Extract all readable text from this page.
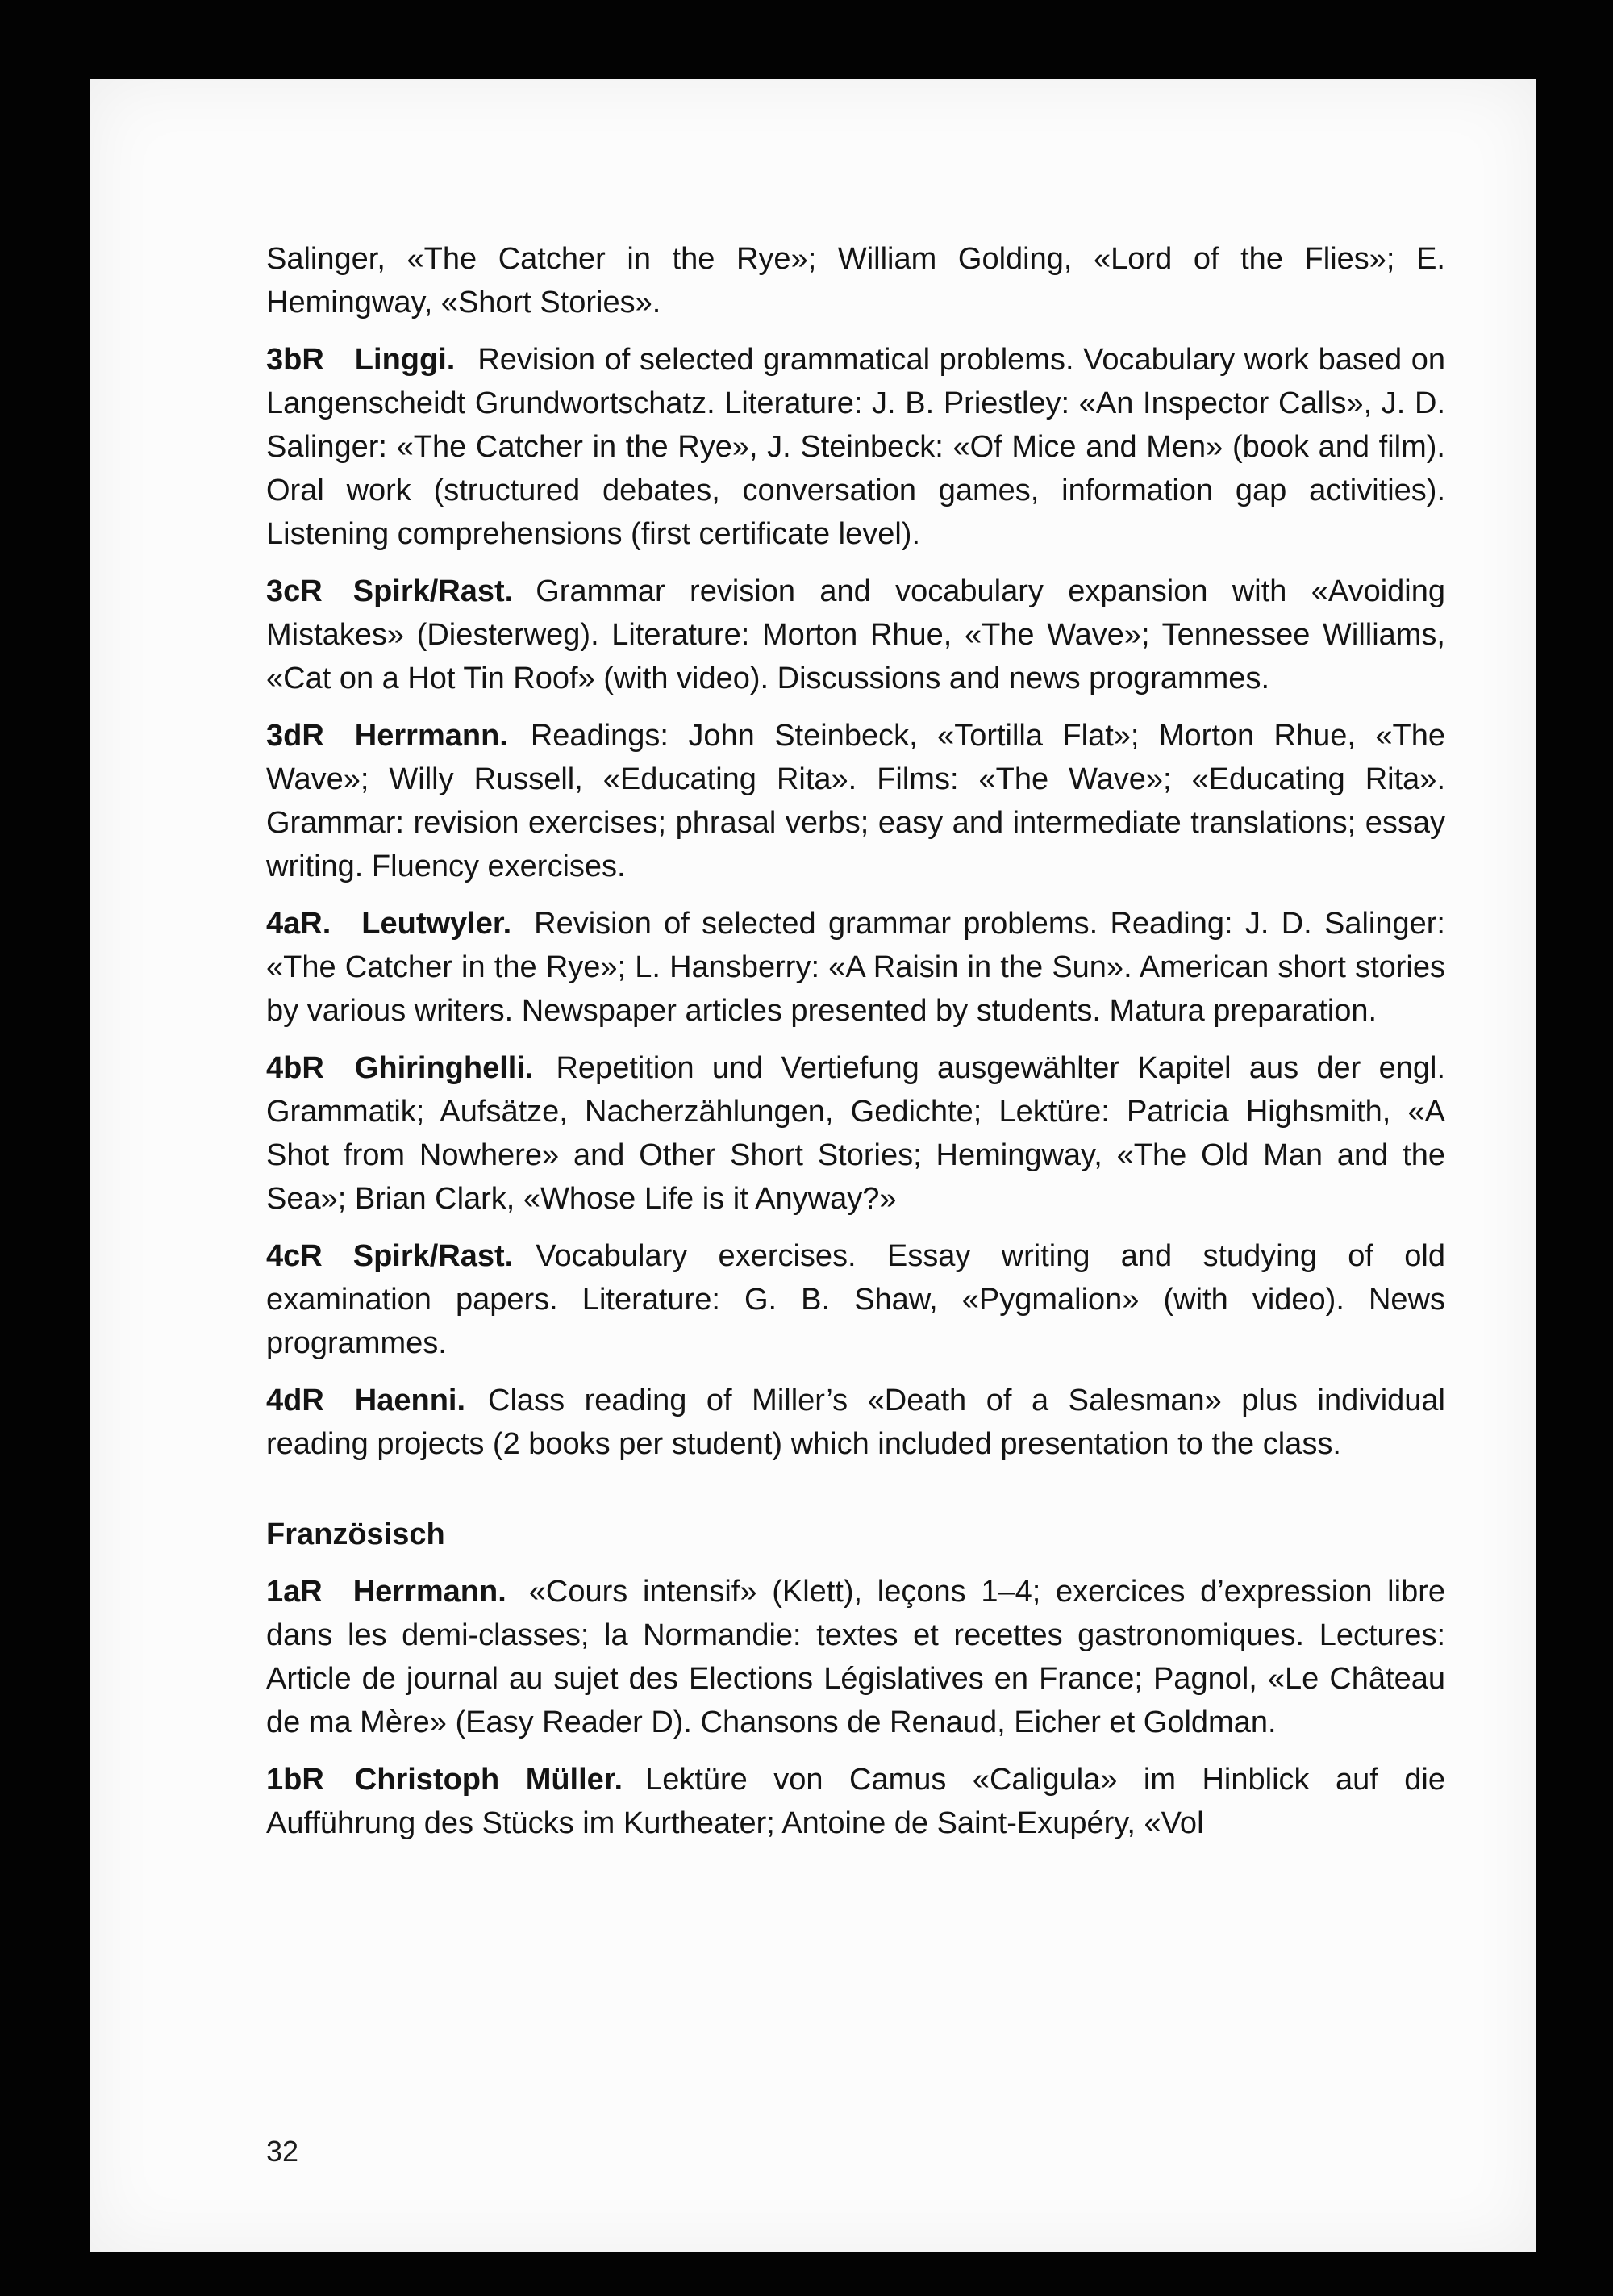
Salinger, «The Catcher in the Rye»; William Golding, «Lord of the Flies»; E. Hemingway, «Short Stories».

3bR Linggi. Revision of selected grammatical problems. Vocabulary work based on Langenscheidt Grundwortschatz. Literature: J. B. Priestley: «An Inspector Calls», J. D. Salinger: «The Catcher in the Rye», J. Steinbeck: «Of Mice and Men» (book and film). Oral work (structured debates, conversation games, information gap activities). Listening comprehensions (first certificate level).

3cR Spirk/Rast. Grammar revision and vocabulary expansion with «Avoiding Mistakes» (Diesterweg). Literature: Morton Rhue, «The Wave»; Tennessee Williams, «Cat on a Hot Tin Roof» (with video). Discussions and news programmes.

3dR Herrmann. Readings: John Steinbeck, «Tortilla Flat»; Morton Rhue, «The Wave»; Willy Russell, «Educating Rita». Films: «The Wave»; «Educating Rita». Grammar: revision exercises; phrasal verbs; easy and intermediate translations; essay writing. Fluency exercises.

4aR. Leutwyler. Revision of selected grammar problems. Reading: J. D. Salinger: «The Catcher in the Rye»; L. Hansberry: «A Raisin in the Sun». American short stories by various writers. Newspaper articles presented by students. Matura preparation.

4bR Ghiringhelli. Repetition und Vertiefung ausgewählter Kapitel aus der engl. Grammatik; Aufsätze, Nacherzählungen, Gedichte; Lektüre: Patricia Highsmith, «A Shot from Nowhere» and Other Short Stories; Hemingway, «The Old Man and the Sea»; Brian Clark, «Whose Life is it Anyway?»

4cR Spirk/Rast. Vocabulary exercises. Essay writing and studying of old examination papers. Literature: G. B. Shaw, «Pygmalion» (with video). News programmes.

4dR Haenni. Class reading of Miller’s «Death of a Salesman» plus individual reading projects (2 books per student) which included presentation to the class.

Französisch

1aR Herrmann. «Cours intensif» (Klett), leçons 1–4; exercices d’expression libre dans les demi-classes; la Normandie: textes et recettes gastronomiques. Lectures: Article de journal au sujet des Elections Législatives en France; Pagnol, «Le Château de ma Mère» (Easy Reader D). Chansons de Renaud, Eicher et Goldman.

1bR Christoph Müller. Lektüre von Camus «Caligula» im Hinblick auf die Aufführung des Stücks im Kurtheater; Antoine de Saint-Exupéry, «Vol

32
